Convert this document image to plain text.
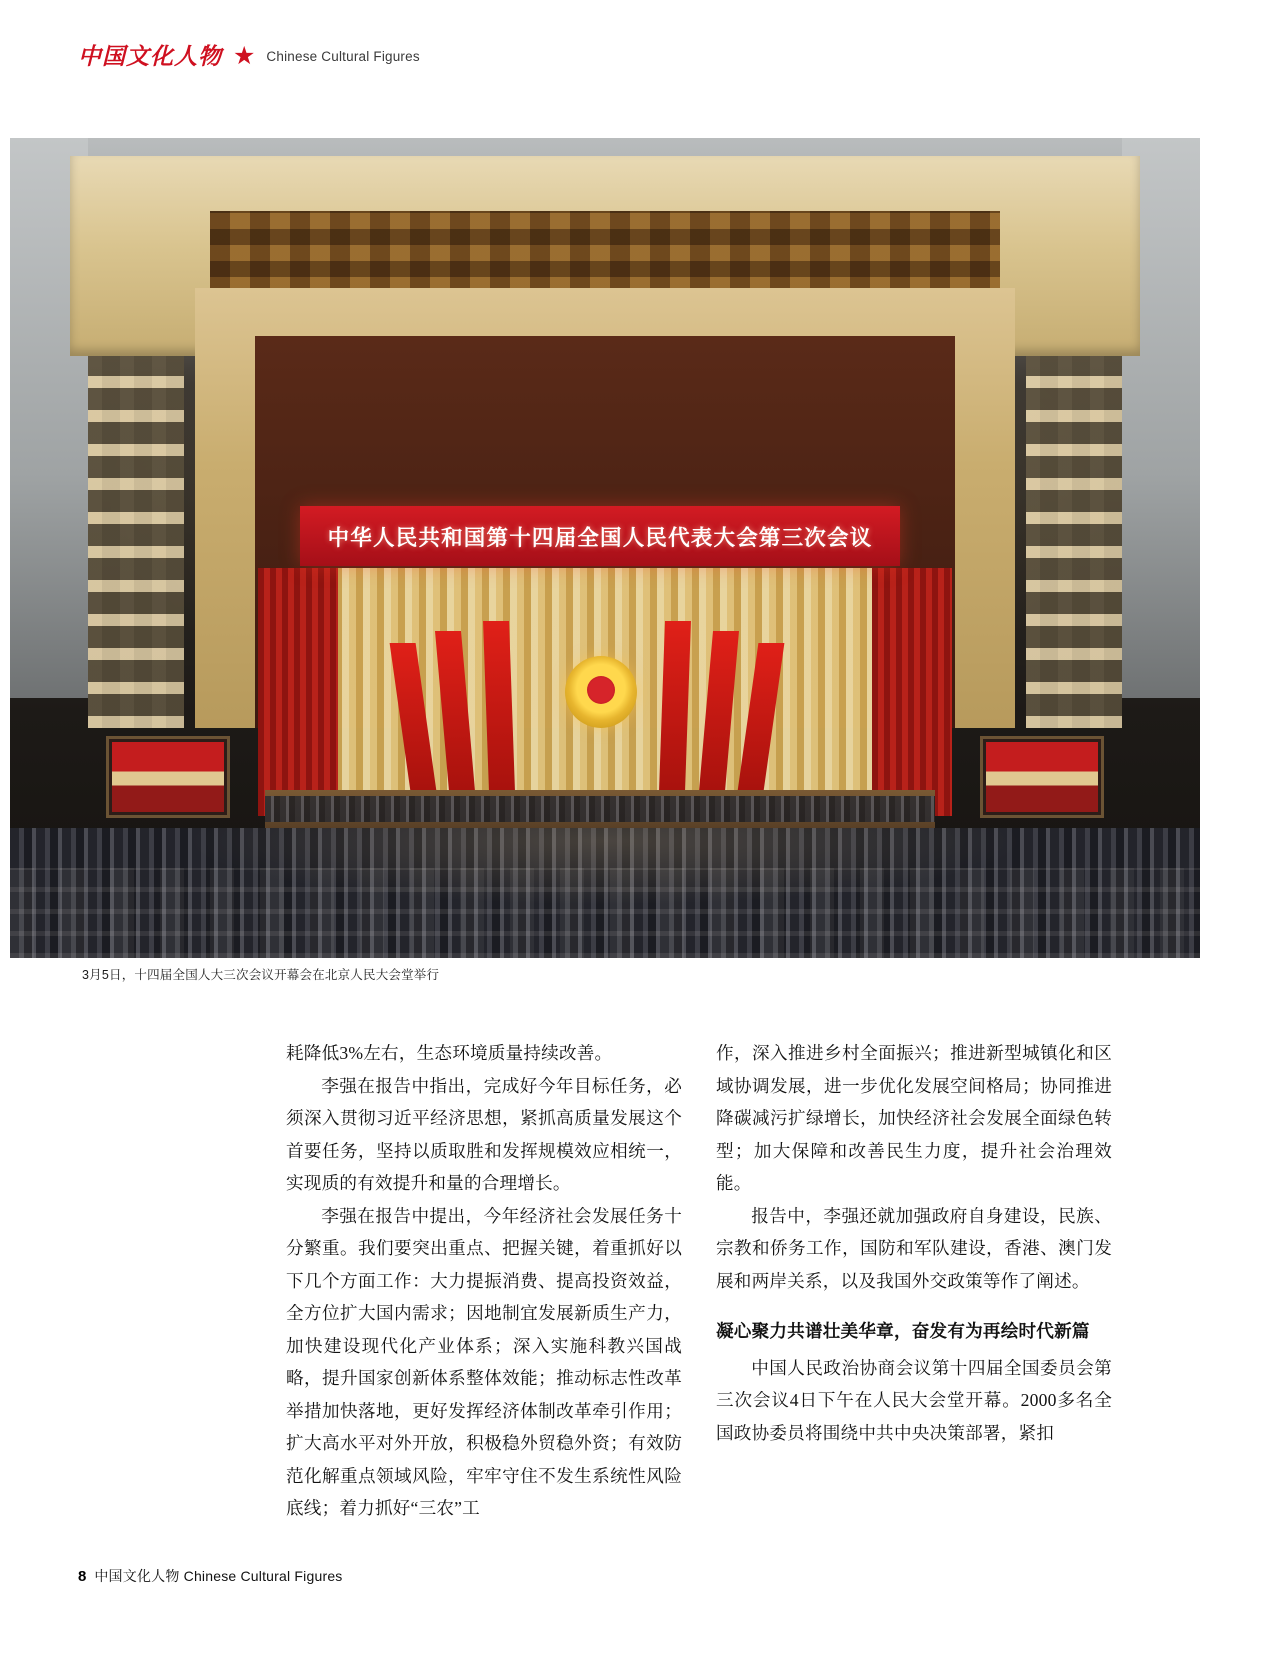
中国文化人物 ★ Chinese Cultural Figures
中华人民共和国第十四届全国人民代表大会第三次会议
3月5日，十四届全国人大三次会议开幕会在北京人民大会堂举行

耗降低3%左右，生态环境质量持续改善。

李强在报告中指出，完成好今年目标任务，必须深入贯彻习近平经济思想，紧抓高质量发展这个首要任务，坚持以质取胜和发挥规模效应相统一，实现质的有效提升和量的合理增长。

李强在报告中提出，今年经济社会发展任务十分繁重。我们要突出重点、把握关键，着重抓好以下几个方面工作：大力提振消费、提高投资效益，全方位扩大国内需求；因地制宜发展新质生产力，加快建设现代化产业体系；深入实施科教兴国战略，提升国家创新体系整体效能；推动标志性改革举措加快落地，更好发挥经济体制改革牵引作用；扩大高水平对外开放，积极稳外贸稳外资；有效防范化解重点领域风险，牢牢守住不发生系统性风险底线；着力抓好“三农”工

作，深入推进乡村全面振兴；推进新型城镇化和区域协调发展，进一步优化发展空间格局；协同推进降碳减污扩绿增长，加快经济社会发展全面绿色转型；加大保障和改善民生力度，提升社会治理效能。

报告中，李强还就加强政府自身建设，民族、宗教和侨务工作，国防和军队建设，香港、澳门发展和两岸关系，以及我国外交政策等作了阐述。

凝心聚力共谱壮美华章，奋发有为再绘时代新篇

中国人民政治协商会议第十四届全国委员会第三次会议4日下午在人民大会堂开幕。2000多名全国政协委员将围绕中共中央决策部署，紧扣

8 中国文化人物 Chinese Cultural Figures
